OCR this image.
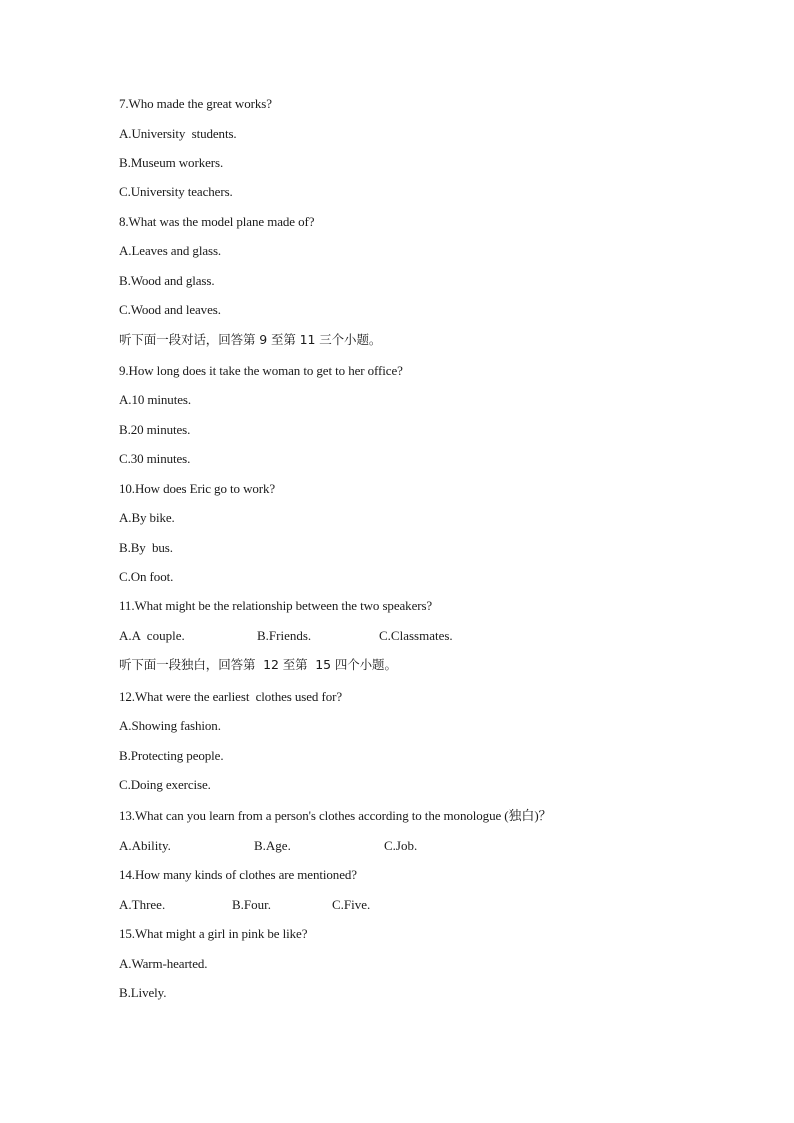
7.Who made the great works?
A.University  students.
B.Museum workers.
C.University teachers.
8.What was the model plane made of?
A.Leaves and glass.
B.Wood and glass.
C.Wood and leaves.
听下面一段对话，回答第 9 至第 11 三个小题。
9.How long does it take the woman to get to her office?
A.10 minutes.
B.20 minutes.
C.30 minutes.
10.How does Eric go to work?
A.By bike.
B.By  bus.
C.On foot.
11.What might be the relationship between the two speakers?
A.A  couple.	B.Friends.	C.Classmates.
听下面一段独白，回答第  12 至第  15 四个小题。
12.What were the earliest  clothes used for?
A.Showing fashion.
B.Protecting people.
C.Doing exercise.
13.What can you learn from a person's clothes according to the monologue (独白)？
A.Ability.	B.Age.	C.Job.
14.How many kinds of clothes are mentioned?
A.Three.	B.Four.	C.Five.
15.What might a girl in pink be like?
A.Warm-hearted.
B.Lively.
